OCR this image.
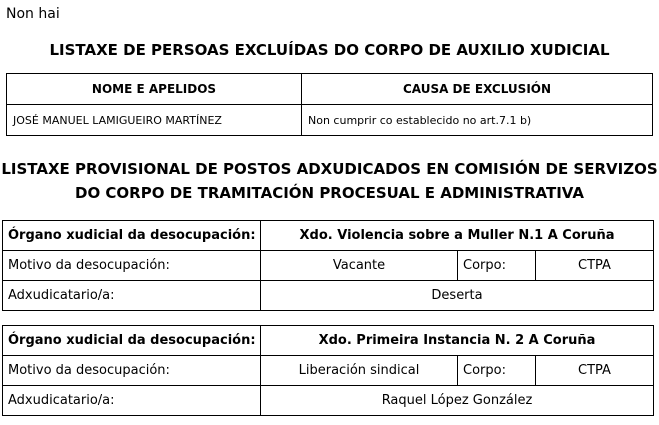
Non hai
LISTAXE DE PERSOAS EXCLUÍDAS DO CORPO DE AUXILIO XUDICIAL
NOME E APELIDOS	CAUSA DE EXCLUSIÓN
JOSÉ MANUEL LAMIGUEIRO MARTÍNEZ	Non cumprir co establecido no art.7.1 b)
LISTAXE PROVISIONAL DE POSTOS ADXUDICADOS EN COMISIÓN DE SERVIZOS
DO CORPO DE TRAMITACIÓN PROCESUAL E ADMINISTRATIVA
Órgano xudicial da desocupación:	Xdo. Violencia sobre a Muller N.1 A Coruña		
Motivo da desocupación:	Vacante	Corpo:	CTPA
Adxudicatario/a:	Deserta		
Órgano xudicial da desocupación:	Xdo. Primeira Instancia N. 2 A Coruña		
Motivo da desocupación:	Liberación sindical	Corpo:	CTPA
Adxudicatario/a:	Raquel López González		
